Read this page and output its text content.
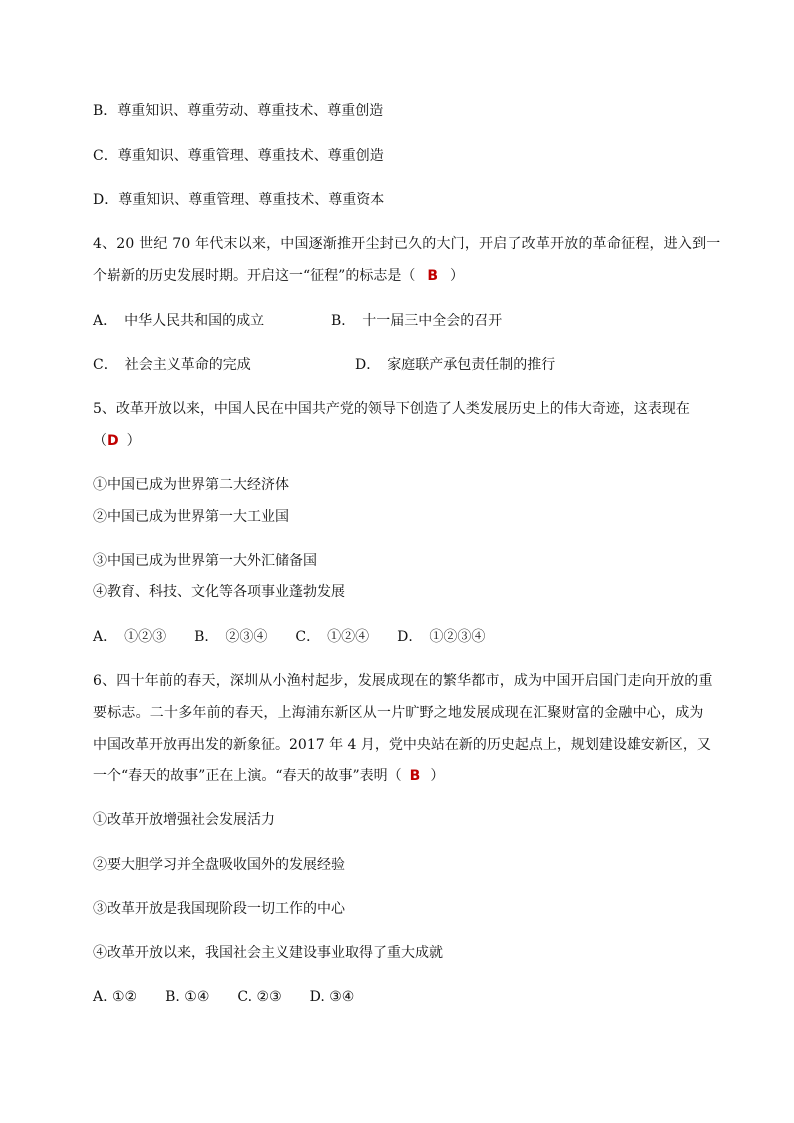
B．尊重知识、尊重劳动、尊重技术、尊重创造
C．尊重知识、尊重管理、尊重技术、尊重创造
D．尊重知识、尊重管理、尊重技术、尊重资本
4、20 世纪 70 年代末以来，中国逐渐推开尘封已久的大门，开启了改革开放的革命征程，进入到一
个崭新的历史发展时期。开启这一“征程”的标志是（ B ）
A．　中华人民共和国的成立	B．　十一届三中全会的召开
C．　社会主义革命的完成	D．　家庭联产承包责任制的推行
5、改革开放以来，中国人民在中国共产党的领导下创造了人类发展历史上的伟大奇迹，这表现在
（D ）
①中国已成为世界第二大经济体
②中国已成为世界第一大工业国
③中国已成为世界第一大外汇储备国
④教育、科技、文化等各项事业蓬勃发展
A．　①②③　　B．　②③④　　C．　①②④　　D．　①②③④
6、四十年前的春天，深圳从小渔村起步，发展成现在的繁华都市，成为中国开启国门走向开放的重
要标志。二十多年前的春天，上海浦东新区从一片旷野之地发展成现在汇聚财富的金融中心，成为
中国改革开放再出发的新象征。2017 年 4 月，党中央站在新的历史起点上，规划建设雄安新区，又
一个“春天的故事”正在上演。“春天的故事”表明（ B ）
①改革开放增强社会发展活力
②要大胆学习并全盘吸收国外的发展经验
③改革开放是我国现阶段一切工作的中心
④改革开放以来，我国社会主义建设事业取得了重大成就
A. ①②　　B. ①④　　C. ②③　　D. ③④
